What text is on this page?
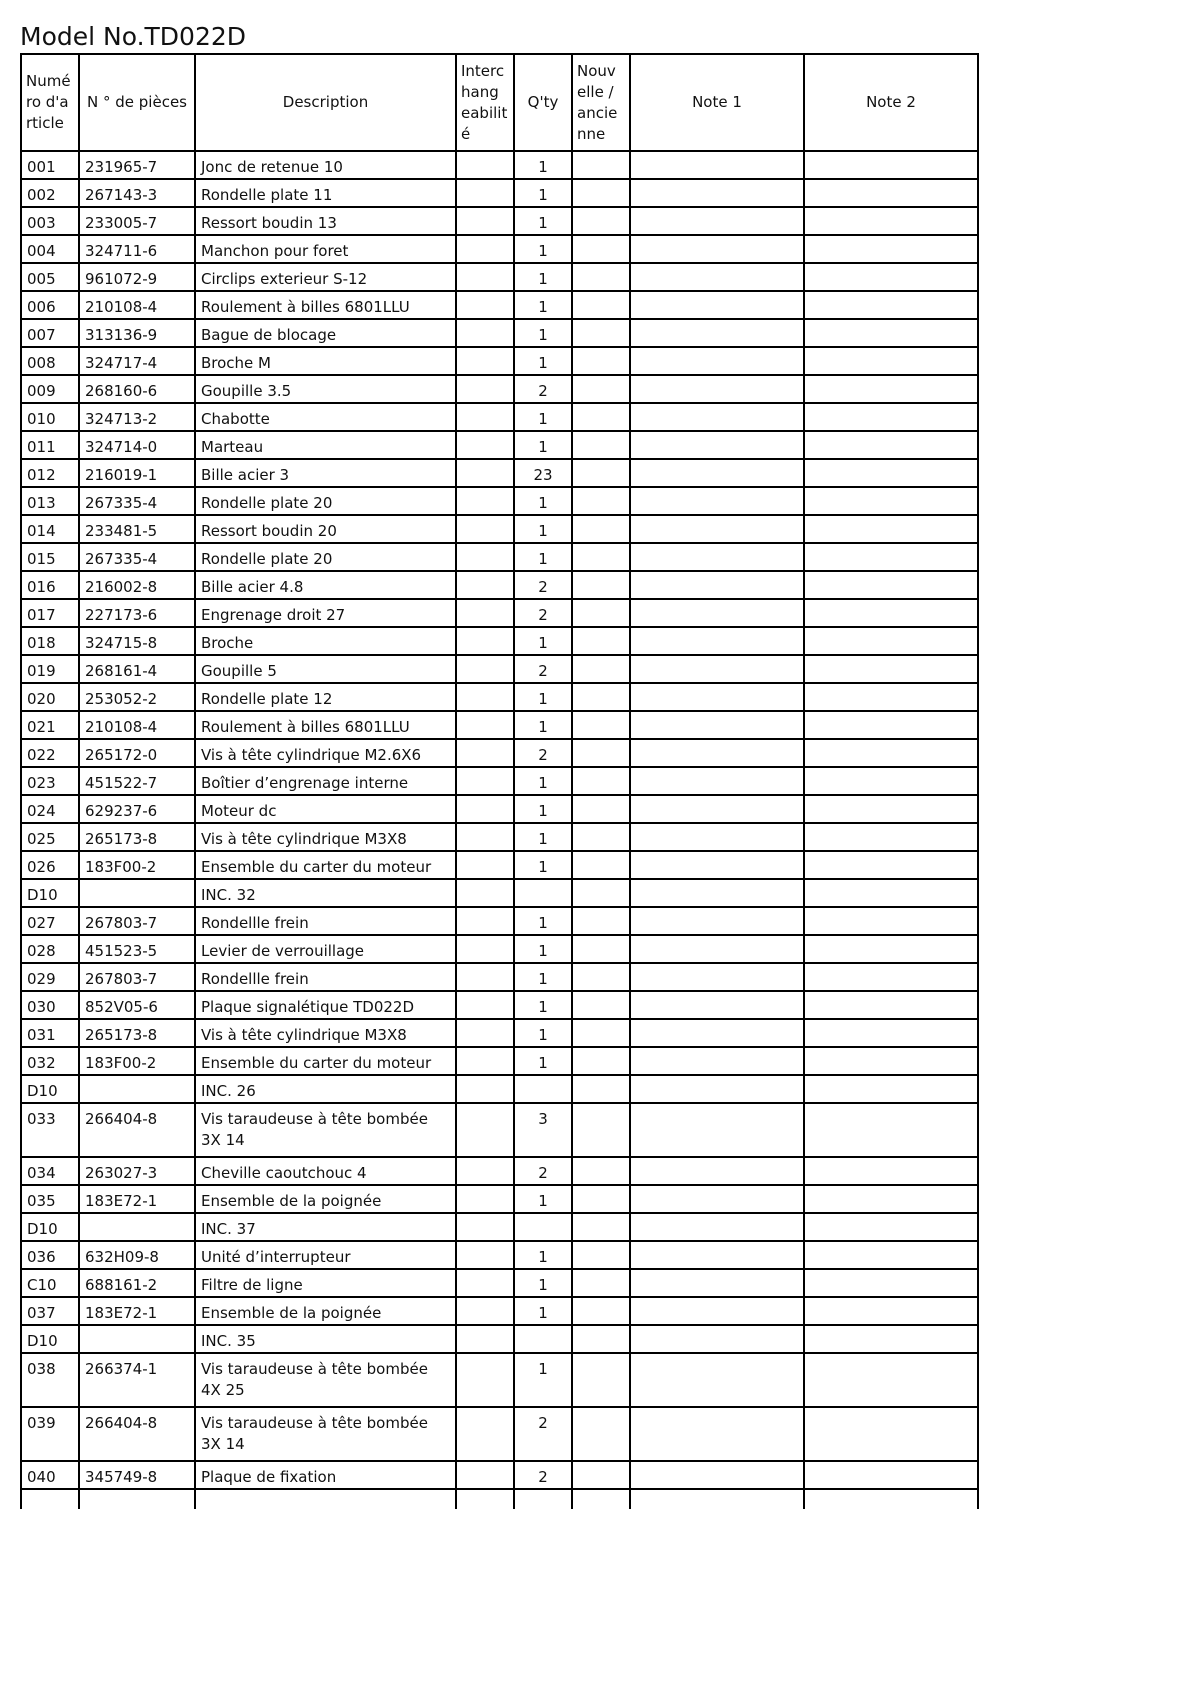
Model No.TD022D
Numé ro d'a rticle	N ° de pièces	Description	Interc hang eabilit é	Q'ty	Nouv elle / ancie nne	Note 1	Note 2
001	231965-7	Jonc de retenue 10		1			
002	267143-3	Rondelle plate 11		1			
003	233005-7	Ressort boudin 13		1			
004	324711-6	Manchon pour foret		1			
005	961072-9	Circlips exterieur S-12		1			
006	210108-4	Roulement à billes 6801LLU		1			
007	313136-9	Bague de blocage		1			
008	324717-4	Broche M		1			
009	268160-6	Goupille 3.5		2			
010	324713-2	Chabotte		1			
011	324714-0	Marteau		1			
012	216019-1	Bille acier 3		23			
013	267335-4	Rondelle plate 20		1			
014	233481-5	Ressort boudin 20		1			
015	267335-4	Rondelle plate 20		1			
016	216002-8	Bille acier 4.8		2			
017	227173-6	Engrenage droit 27		2			
018	324715-8	Broche		1			
019	268161-4	Goupille 5		2			
020	253052-2	Rondelle plate 12		1			
021	210108-4	Roulement à billes 6801LLU		1			
022	265172-0	Vis à tête cylindrique M2.6X6		2			
023	451522-7	Boîtier d’engrenage interne		1			
024	629237-6	Moteur dc		1			
025	265173-8	Vis à tête cylindrique M3X8		1			
026	183F00-2	Ensemble du carter du moteur		1			
D10		INC. 32					
027	267803-7	Rondellle frein		1			
028	451523-5	Levier de verrouillage		1			
029	267803-7	Rondellle frein		1			
030	852V05-6	Plaque signalétique TD022D		1			
031	265173-8	Vis à tête cylindrique M3X8		1			
032	183F00-2	Ensemble du carter du moteur		1			
D10		INC. 26					
033	266404-8	Vis taraudeuse à tête bombée 3X 14		3			
034	263027-3	Cheville caoutchouc 4		2			
035	183E72-1	Ensemble de la poignée		1			
D10		INC. 37					
036	632H09-8	Unité d’interrupteur		1			
C10	688161-2	Filtre de ligne		1			
037	183E72-1	Ensemble de la poignée		1			
D10		INC. 35					
038	266374-1	Vis taraudeuse à tête bombée 4X 25		1			
039	266404-8	Vis taraudeuse à tête bombée 3X 14		2			
040	345749-8	Plaque de fixation		2			
